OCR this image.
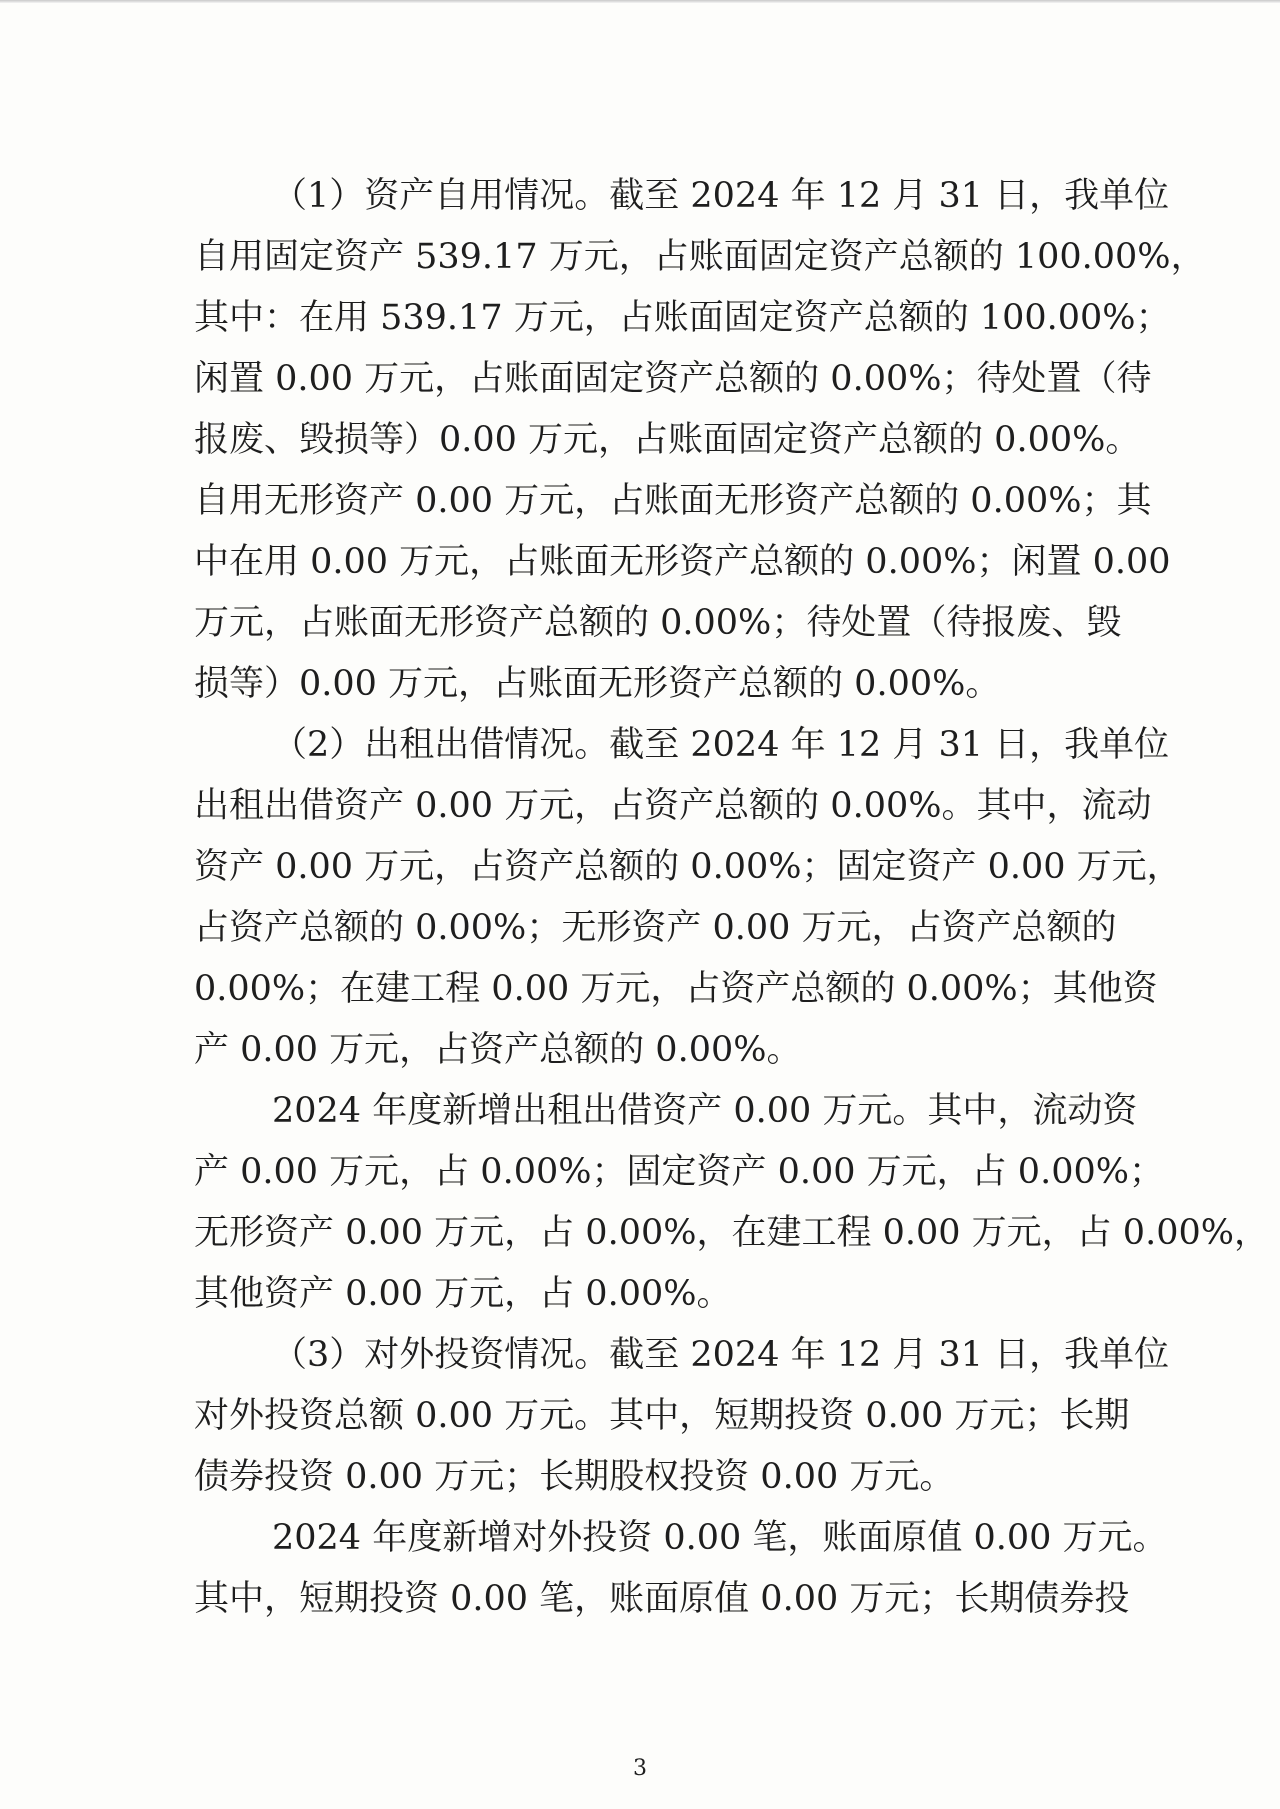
（1）资产自用情况。截至 2024 年 12 月 31 日，我单位
自用固定资产 539.17 万元，占账面固定资产总额的 100.00%，
其中：在用 539.17 万元，占账面固定资产总额的 100.00%；
闲置 0.00 万元，占账面固定资产总额的 0.00%；待处置（待
报废、毁损等）0.00 万元，占账面固定资产总额的 0.00%。
自用无形资产 0.00 万元，占账面无形资产总额的 0.00%；其
中在用 0.00 万元，占账面无形资产总额的 0.00%；闲置 0.00
万元，占账面无形资产总额的 0.00%；待处置（待报废、毁
损等）0.00 万元，占账面无形资产总额的 0.00%。
（2）出租出借情况。截至 2024 年 12 月 31 日，我单位
出租出借资产 0.00 万元，占资产总额的 0.00%。其中，流动
资产 0.00 万元，占资产总额的 0.00%；固定资产 0.00 万元，
占资产总额的 0.00%；无形资产 0.00 万元，占资产总额的
0.00%；在建工程 0.00 万元，占资产总额的 0.00%；其他资
产 0.00 万元，占资产总额的 0.00%。
2024 年度新增出租出借资产 0.00 万元。其中，流动资
产 0.00 万元，占 0.00%；固定资产 0.00 万元，占 0.00%；
无形资产 0.00 万元，占 0.00%，在建工程 0.00 万元，占 0.00%，
其他资产 0.00 万元，占 0.00%。
（3）对外投资情况。截至 2024 年 12 月 31 日，我单位
对外投资总额 0.00 万元。其中，短期投资 0.00 万元；长期
债券投资 0.00 万元；长期股权投资 0.00 万元。
2024 年度新增对外投资 0.00 笔，账面原值 0.00 万元。
其中，短期投资 0.00 笔，账面原值 0.00 万元；长期债券投
3
